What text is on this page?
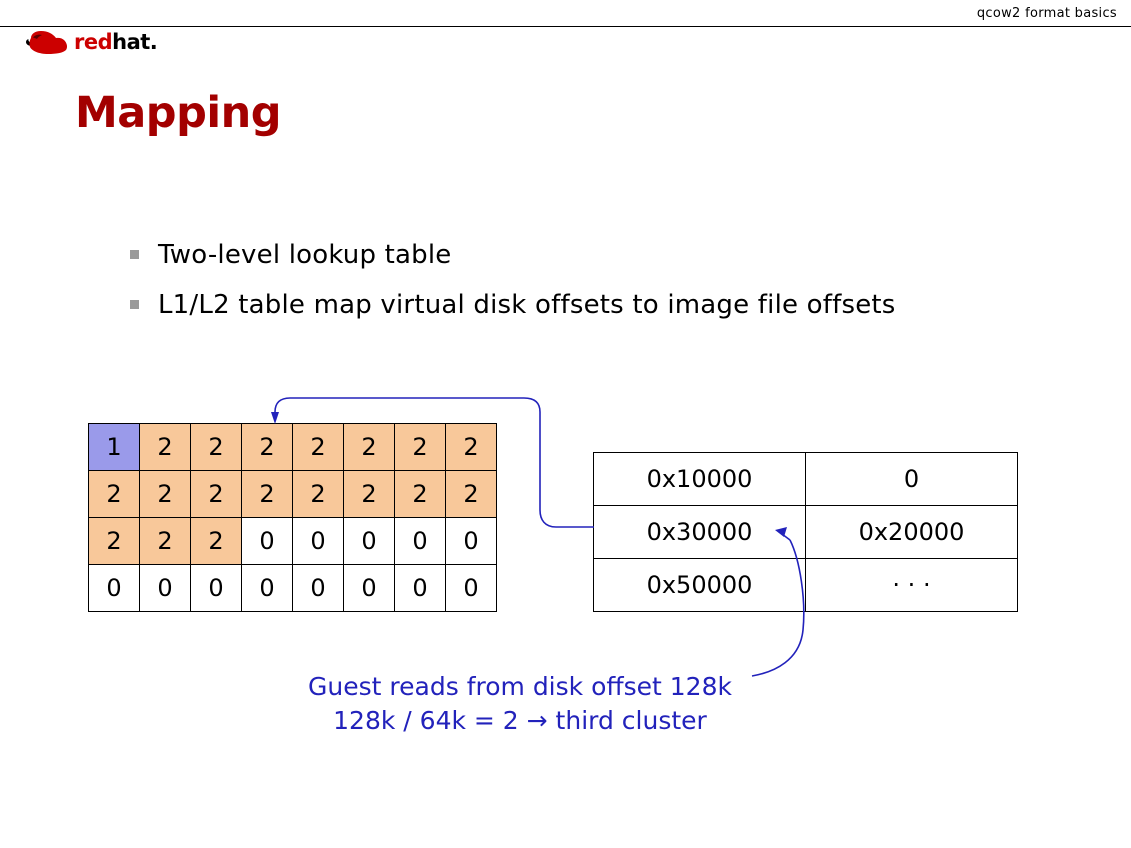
qcow2 format basics
redhat.
Mapping
Two-level lookup table
L1/L2 table map virtual disk offsets to image file offsets
1	2	2	2	2	2	2	2
2	2	2	2	2	2	2	2
2	2	2	0	0	0	0	0
0	0	0	0	0	0	0	0
0x10000	0
0x30000	0x20000
0x50000	· · ·
Guest reads from disk offset 128k
128k / 64k = 2 → third cluster
